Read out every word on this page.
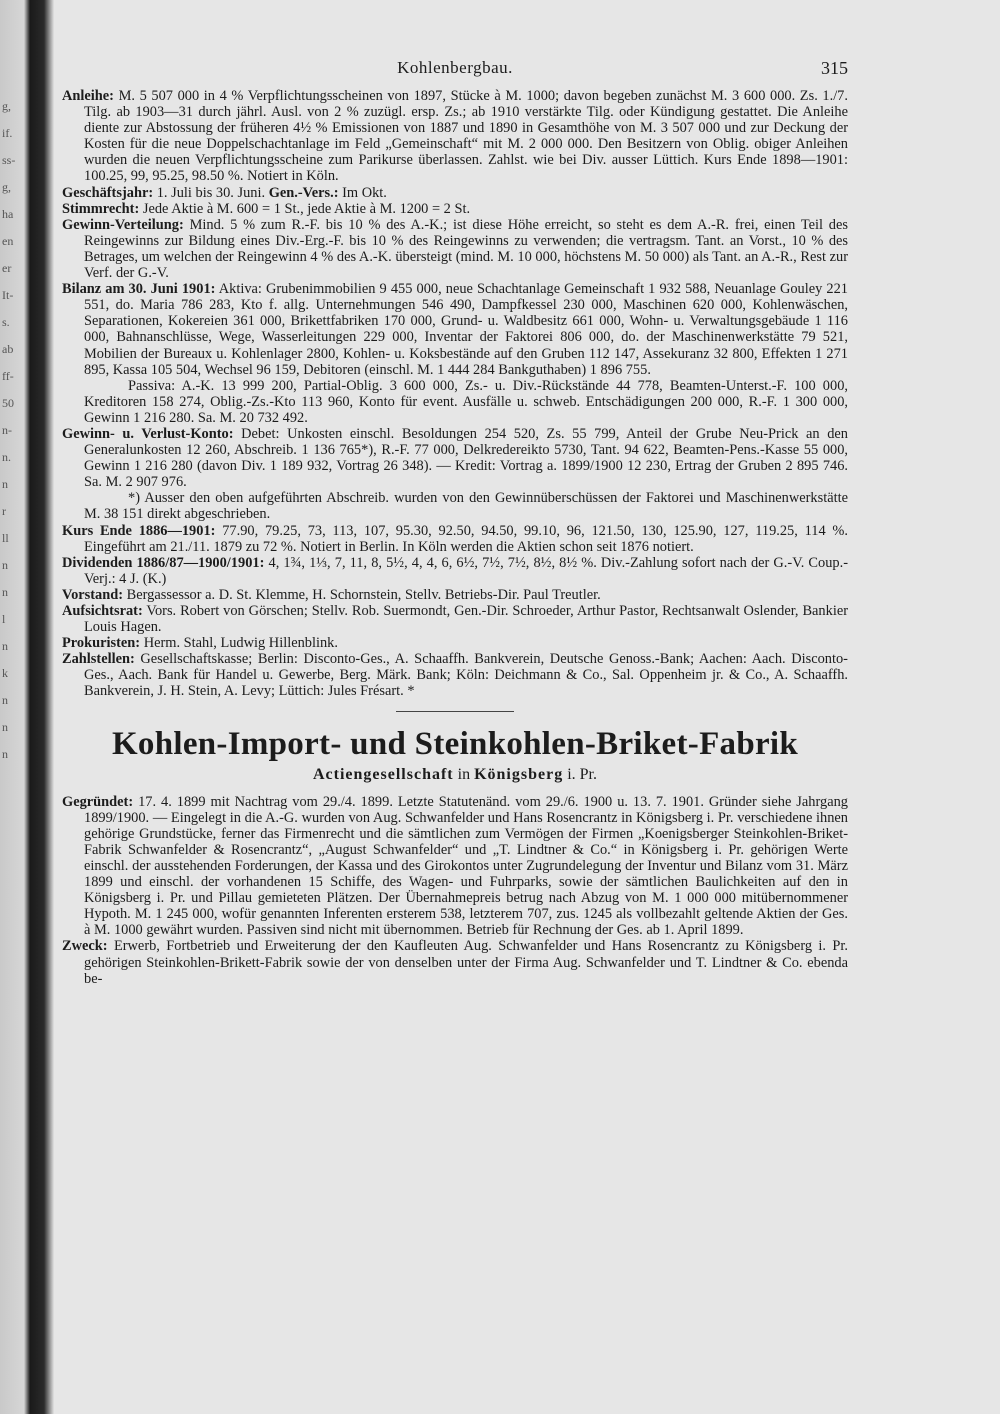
g,
if.
ss-
g,
ha
en
er
It-
s.
ab
ff-
50
n-
n.
n
r
ll
n
n
l
n
k
n
n
n
Kohlenbergbau.	315

Anleihe: M. 5 507 000 in 4 % Verpflichtungsscheinen von 1897, Stücke à M. 1000; davon begeben zunächst M. 3 600 000. Zs. 1./7. Tilg. ab 1903—31 durch jährl. Ausl. von 2 % zuzügl. ersp. Zs.; ab 1910 verstärkte Tilg. oder Kündigung gestattet. Die Anleihe diente zur Abstossung der früheren 4½ % Emissionen von 1887 und 1890 in Gesamthöhe von M. 3 507 000 und zur Deckung der Kosten für die neue Doppelschachtanlage im Feld „Gemeinschaft“ mit M. 2 000 000. Den Besitzern von Oblig. obiger Anleihen wurden die neuen Verpflichtungsscheine zum Parikurse überlassen. Zahlst. wie bei Div. ausser Lüttich. Kurs Ende 1898—1901: 100.25, 99, 95.25, 98.50 %. Notiert in Köln.

Geschäftsjahr: 1. Juli bis 30. Juni. Gen.-Vers.: Im Okt.

Stimmrecht: Jede Aktie à M. 600 = 1 St., jede Aktie à M. 1200 = 2 St.

Gewinn-Verteilung: Mind. 5 % zum R.-F. bis 10 % des A.-K.; ist diese Höhe erreicht, so steht es dem A.-R. frei, einen Teil des Reingewinns zur Bildung eines Div.-Erg.-F. bis 10 % des Reingewinns zu verwenden; die vertragsm. Tant. an Vorst., 10 % des Betrages, um welchen der Reingewinn 4 % des A.-K. übersteigt (mind. M. 10 000, höchstens M. 50 000) als Tant. an A.-R., Rest zur Verf. der G.-V.

Bilanz am 30. Juni 1901: Aktiva: Grubenimmobilien 9 455 000, neue Schachtanlage Gemeinschaft 1 932 588, Neuanlage Gouley 221 551, do. Maria 786 283, Kto f. allg. Unternehmungen 546 490, Dampfkessel 230 000, Maschinen 620 000, Kohlenwäschen, Separationen, Kokereien 361 000, Brikettfabriken 170 000, Grund- u. Waldbesitz 661 000, Wohn- u. Verwaltungsgebäude 1 116 000, Bahnanschlüsse, Wege, Wasserleitungen 229 000, Inventar der Faktorei 806 000, do. der Maschinenwerkstätte 79 521, Mobilien der Bureaux u. Kohlenlager 2800, Kohlen- u. Koksbestände auf den Gruben 112 147, Assekuranz 32 800, Effekten 1 271 895, Kassa 105 504, Wechsel 96 159, Debitoren (einschl. M. 1 444 284 Bankguthaben) 1 896 755.

Passiva: A.-K. 13 999 200, Partial-Oblig. 3 600 000, Zs.- u. Div.-Rückstände 44 778, Beamten-Unterst.-F. 100 000, Kreditoren 158 274, Oblig.-Zs.-Kto 113 960, Konto für event. Ausfälle u. schweb. Entschädigungen 200 000, R.-F. 1 300 000, Gewinn 1 216 280. Sa. M. 20 732 492.

Gewinn- u. Verlust-Konto: Debet: Unkosten einschl. Besoldungen 254 520, Zs. 55 799, Anteil der Grube Neu-Prick an den Generalunkosten 12 260, Abschreib. 1 136 765*), R.-F. 77 000, Delkredereikto 5730, Tant. 94 622, Beamten-Pens.-Kasse 55 000, Gewinn 1 216 280 (davon Div. 1 189 932, Vortrag 26 348). — Kredit: Vortrag a. 1899/1900 12 230, Ertrag der Gruben 2 895 746. Sa. M. 2 907 976.

*) Ausser den oben aufgeführten Abschreib. wurden von den Gewinnüberschüssen der Faktorei und Maschinenwerkstätte M. 38 151 direkt abgeschrieben.

Kurs Ende 1886—1901: 77.90, 79.25, 73, 113, 107, 95.30, 92.50, 94.50, 99.10, 96, 121.50, 130, 125.90, 127, 119.25, 114 %. Eingeführt am 21./11. 1879 zu 72 %. Notiert in Berlin. In Köln werden die Aktien schon seit 1876 notiert.

Dividenden 1886/87—1900/1901: 4, 1¾, 1⅓, 7, 11, 8, 5½, 4, 4, 6, 6½, 7½, 7½, 8½, 8½ %. Div.-Zahlung sofort nach der G.-V. Coup.-Verj.: 4 J. (K.)

Vorstand: Bergassessor a. D. St. Klemme, H. Schornstein, Stellv. Betriebs-Dir. Paul Treutler.

Aufsichtsrat: Vors. Robert von Görschen; Stellv. Rob. Suermondt, Gen.-Dir. Schroeder, Arthur Pastor, Rechtsanwalt Oslender, Bankier Louis Hagen.

Prokuristen: Herm. Stahl, Ludwig Hillenblink.

Zahlstellen: Gesellschaftskasse; Berlin: Disconto-Ges., A. Schaaffh. Bankverein, Deutsche Genoss.-Bank; Aachen: Aach. Disconto-Ges., Aach. Bank für Handel u. Gewerbe, Berg. Märk. Bank; Köln: Deichmann & Co., Sal. Oppenheim jr. & Co., A. Schaaffh. Bankverein, J. H. Stein, A. Levy; Lüttich: Jules Frésart. *

Kohlen-Import- und Steinkohlen-Briket-Fabrik
Actiengesellschaft in Königsberg i. Pr.

Gegründet: 17. 4. 1899 mit Nachtrag vom 29./4. 1899. Letzte Statutenänd. vom 29./6. 1900 u. 13. 7. 1901. Gründer siehe Jahrgang 1899/1900. — Eingelegt in die A.-G. wurden von Aug. Schwanfelder und Hans Rosencrantz in Königsberg i. Pr. verschiedene ihnen gehörige Grundstücke, ferner das Firmenrecht und die sämtlichen zum Vermögen der Firmen „Koenigsberger Steinkohlen-Briket-Fabrik Schwanfelder & Rosencrantz“, „August Schwanfelder“ und „T. Lindtner & Co.“ in Königsberg i. Pr. gehörigen Werte einschl. der ausstehenden Forderungen, der Kassa und des Girokontos unter Zugrundelegung der Inventur und Bilanz vom 31. März 1899 und einschl. der vorhandenen 15 Schiffe, des Wagen- und Fuhrparks, sowie der sämtlichen Baulichkeiten auf den in Königsberg i. Pr. und Pillau gemieteten Plätzen. Der Übernahmepreis betrug nach Abzug von M. 1 000 000 mitübernommener Hypoth. M. 1 245 000, wofür genannten Inferenten ersterem 538, letzterem 707, zus. 1245 als vollbezahlt geltende Aktien der Ges. à M. 1000 gewährt wurden. Passiven sind nicht mit übernommen. Betrieb für Rechnung der Ges. ab 1. April 1899.

Zweck: Erwerb, Fortbetrieb und Erweiterung der den Kaufleuten Aug. Schwanfelder und Hans Rosencrantz zu Königsberg i. Pr. gehörigen Steinkohlen-Brikett-Fabrik sowie der von denselben unter der Firma Aug. Schwanfelder und T. Lindtner & Co. ebenda be-
